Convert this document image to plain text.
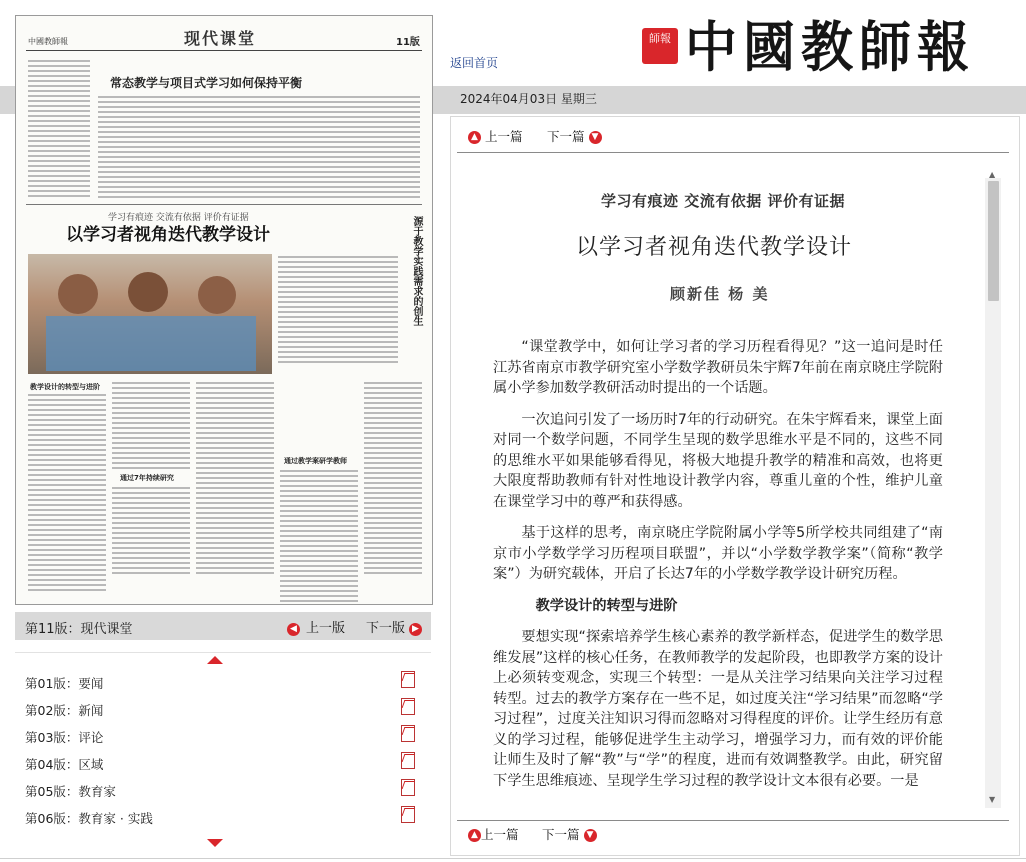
中國教師報	现代课堂	11版
常态教学与项目式学习如何保持平衡
学习有痕迹 交流有依据 评价有证据
以学习者视角迭代教学设计	源于教学实践需求的创生
教学设计的转型与进阶
通过7年持续研究
通过教学案研学教师
第11版：现代课堂	◀ 上一版 下一版 ▶
第01版：要闻
第02版：新闻
第03版：评论
第04版：区域
第05版：教育家
第06版：教育家 · 实践
師報 中國教師報
返回首页
2024年04月03日 星期三
▲ 上一篇 下一篇 ▼
学习有痕迹 交流有依据 评价有证据
以学习者视角迭代教学设计
顾新佳 杨 美

“课堂教学中，如何让学习者的学习历程看得见？”这一追问是时任江苏省南京市教学研究室小学数学教研员朱宇辉7年前在南京晓庄学院附属小学参加数学教研活动时提出的一个话题。

一次追问引发了一场历时7年的行动研究。在朱宇辉看来，课堂上面对同一个数学问题，不同学生呈现的数学思维水平是不同的，这些不同的思维水平如果能够看得见，将极大地提升教学的精准和高效，也将更大限度帮助教师有针对性地设计教学内容，尊重儿童的个性，维护儿童在课堂学习中的尊严和获得感。

基于这样的思考，南京晓庄学院附属小学等5所学校共同组建了“南京市小学数学学习历程项目联盟”，并以“小学数学教学案”（简称“教学案”）为研究载体，开启了长达7年的小学数学教学设计研究历程。

教学设计的转型与进阶

要想实现“探索培养学生核心素养的教学新样态，促进学生的数学思维发展”这样的核心任务，在教师教学的发起阶段，也即教学方案的设计上必须转变观念，实现三个转型：一是从关注学习结果向关注学习过程转型。过去的教学方案存在一些不足，如过度关注“学习结果”而忽略“学习过程”，过度关注知识习得而忽略对习得程度的评价。让学生经历有意义的学习过程，能够促进学生主动学习，增强学习力，而有效的评价能让师生及时了解“教”与“学”的程度，进而有效调整教学。由此，研究留下学生思维痕迹、呈现学生学习过程的教学设计文本很有必要。一是

▲
▼
▲ 上一篇 下一篇 ▼
